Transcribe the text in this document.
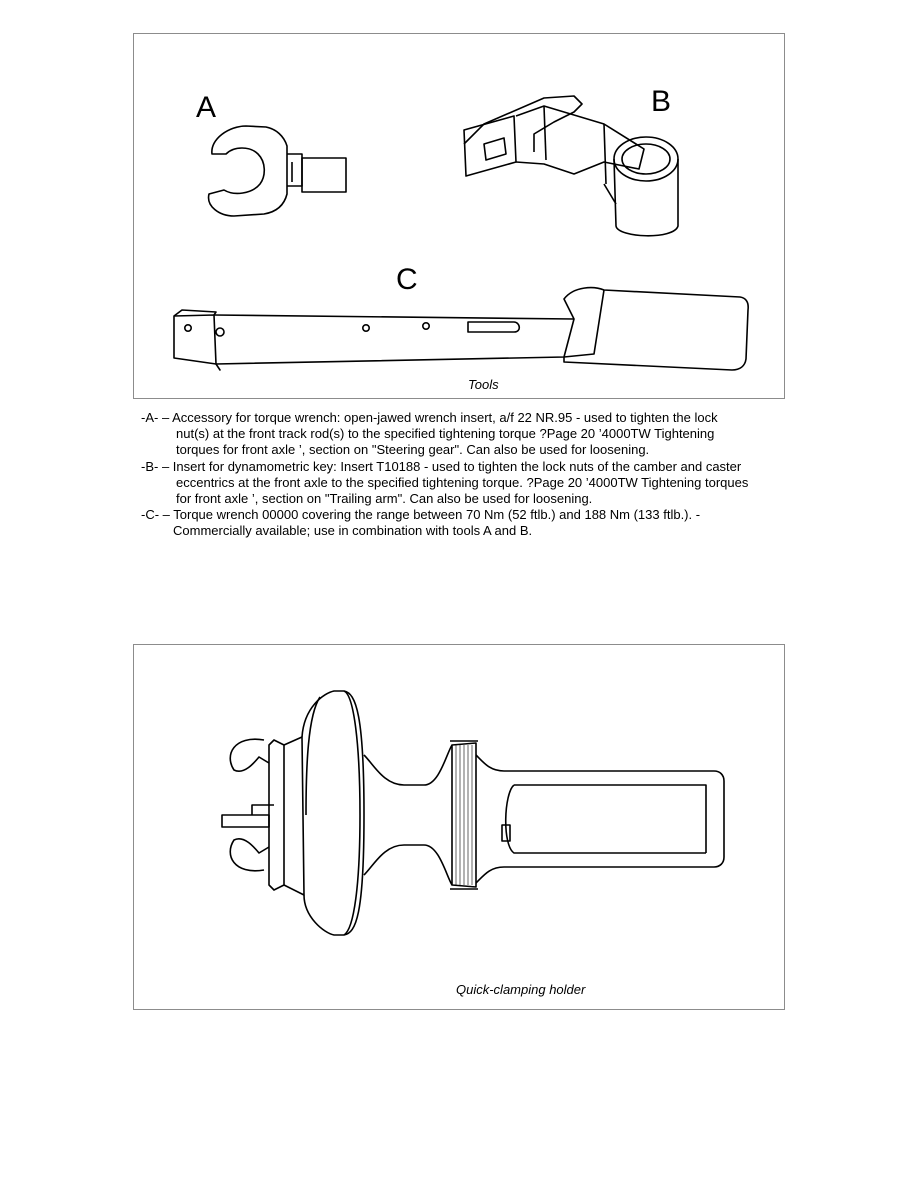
A	B
C
Tools
-A- – Accessory for torque wrench: open-jawed wrench insert, a/f 22 NR.95 - used to tighten the lock
nut(s) at the front track rod(s) to the specified tightening torque ?Page 20 ’4000TW Tightening
torques for front axle ’, section on "Steering gear". Can also be used for loosening.
-B- – Insert for dynamometric key: Insert T10188 - used to tighten the lock nuts of the camber and caster
eccentrics at the front axle to the specified tightening torque. ?Page 20 ’4000TW Tightening torques
for front axle ’, section on "Trailing arm". Can also be used for loosening.
-C- – Torque wrench 00000 covering the range between 70 Nm (52 ftlb.) and 188 Nm (133 ftlb.). -
Commercially available; use in combination with tools A and B.
Quick-clamping holder
